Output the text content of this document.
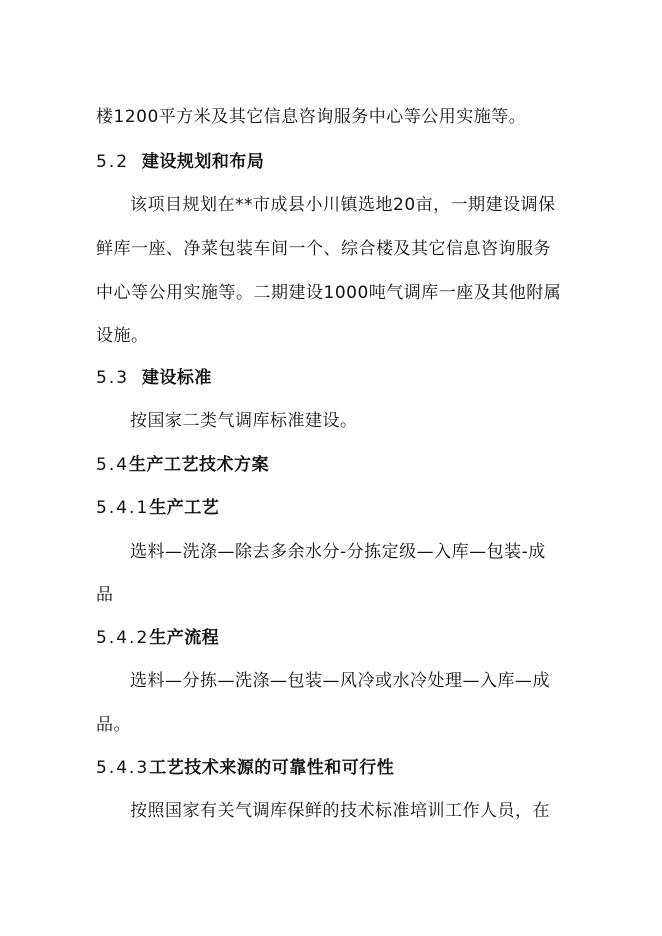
楼1200平方米及其它信息咨询服务中心等公用实施等。
5.2 建设规划和布局
该项目规划在**市成县小川镇选地20亩，一期建设调保
鲜库一座、净菜包装车间一个、综合楼及其它信息咨询服务
中心等公用实施等。二期建设1000吨气调库一座及其他附属
设施。
5.3 建设标准
按国家二类气调库标准建设。
5.4生产工艺技术方案
5.4.1生产工艺
选料—洗涤—除去多余水分-分拣定级—入库—包装-成
品
5.4.2生产流程
选料—分拣—洗涤—包装—风冷或水冷处理—入库—成
品。
5.4.3工艺技术来源的可靠性和可行性
按照国家有关气调库保鲜的技术标准培训工作人员，在
